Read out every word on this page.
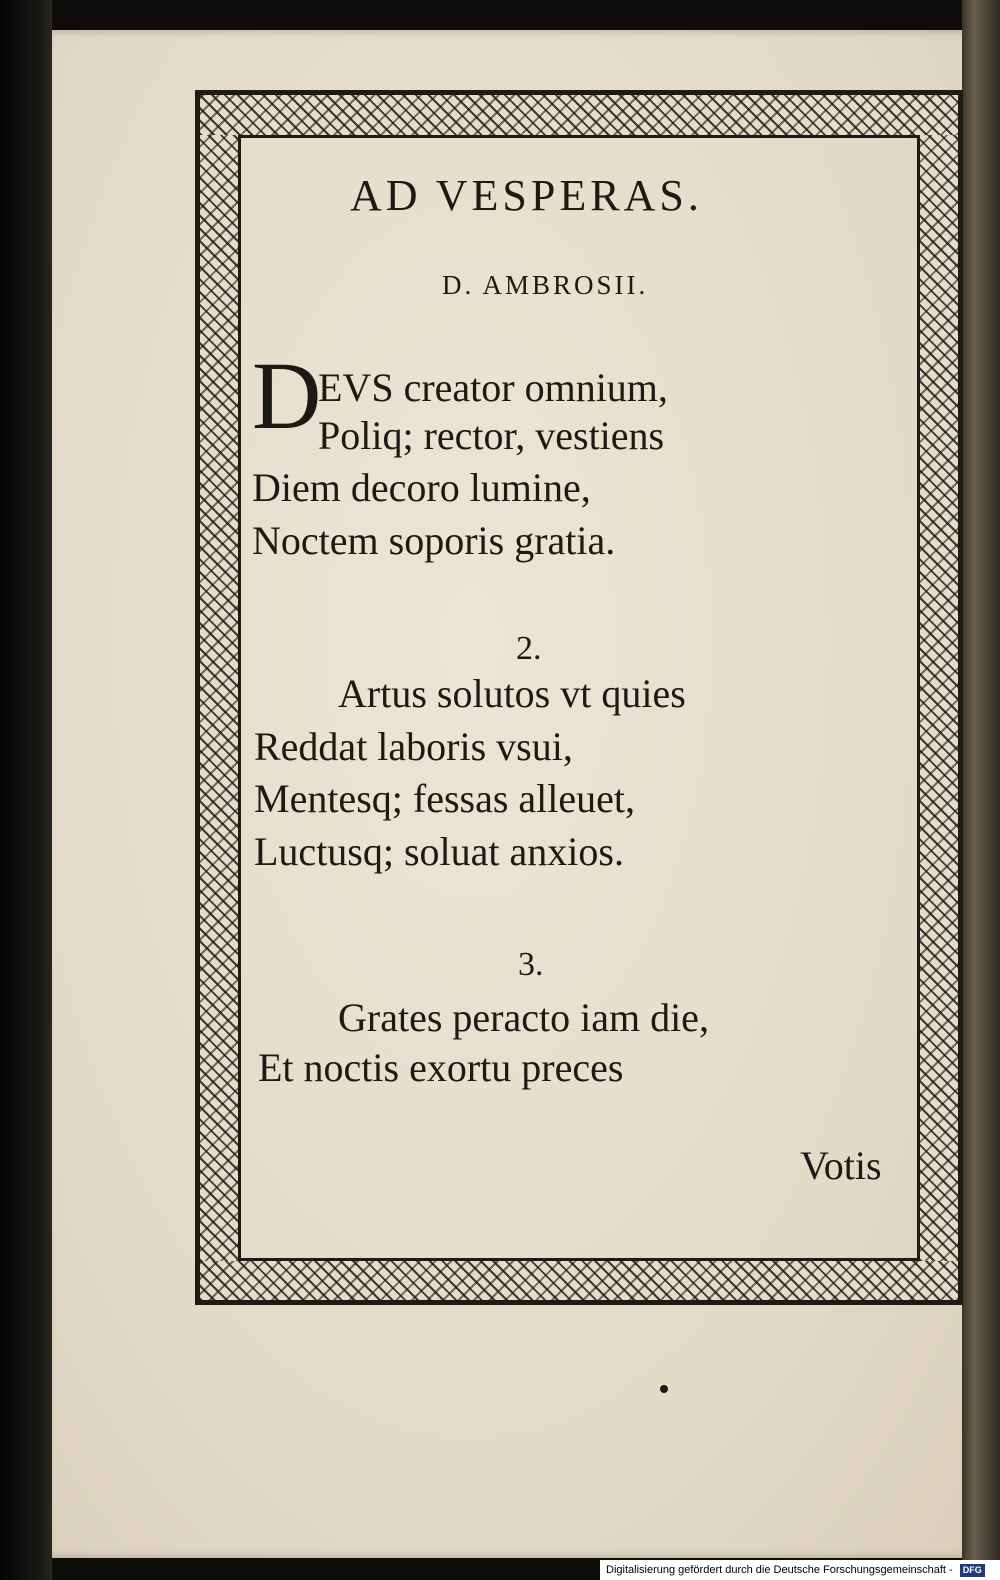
AD VESPERAS.
D. AMBROSII.
D
EVS creator omnium,
Poliq; rector, vestiens
Diem decoro lumine,
Noctem soporis gratia.
2.
Artus solutos vt quies
Reddat laboris vsui,
Mentesq; fessas alleuet,
Luctusq; soluat anxios.
3.
Grates peracto iam die,
Et noctis exortu preces
Votis
Digitalisierung gefördert durch die Deutsche Forschungsgemeinschaft - DFG
